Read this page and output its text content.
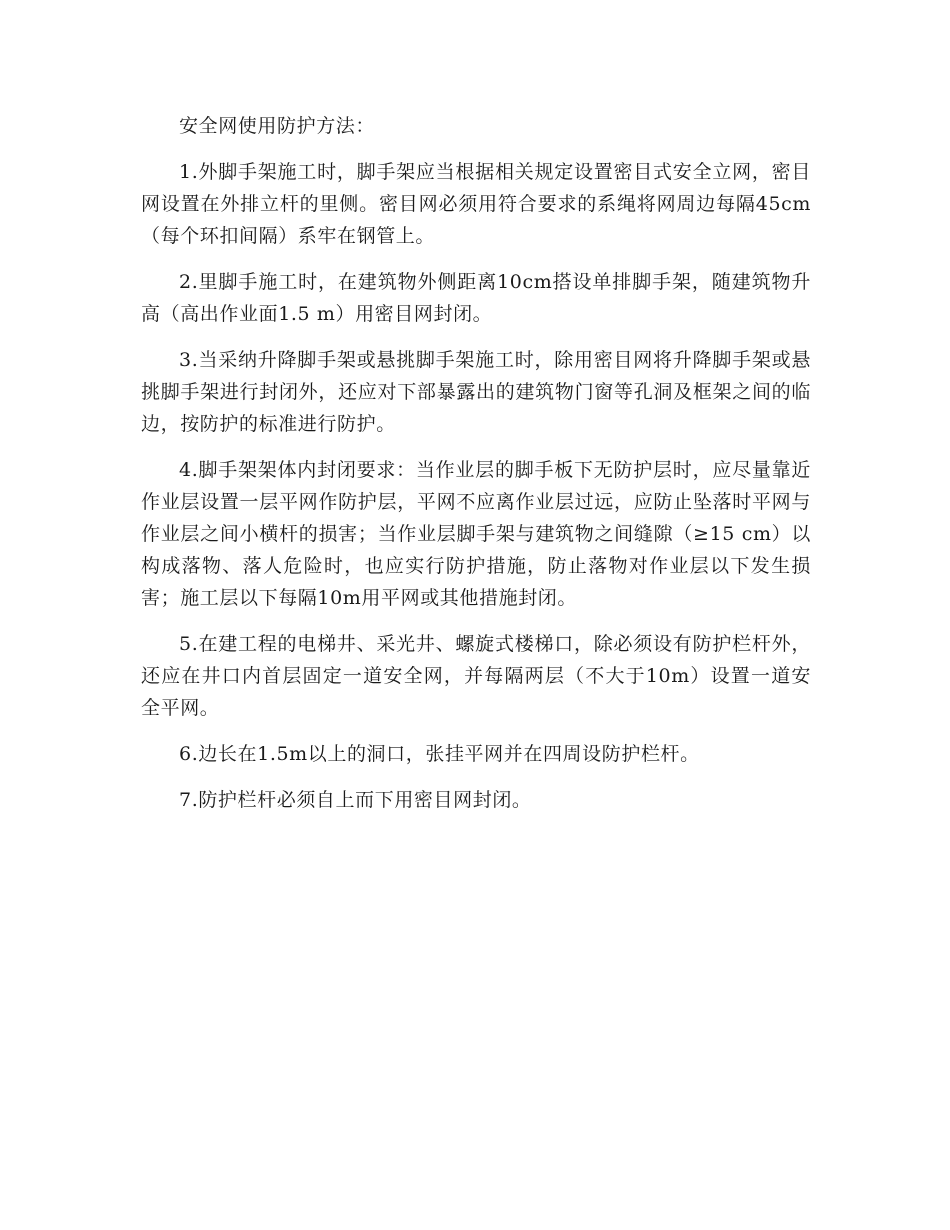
安全网使用防护方法：

1.外脚手架施工时，脚手架应当根据相关规定设置密目式安全立网，密目网设置在外排立杆的里侧。密目网必须用符合要求的系绳将网周边每隔45cm（每个环扣间隔）系牢在钢管上。

2.里脚手施工时，在建筑物外侧距离10cm搭设单排脚手架，随建筑物升高（高出作业面1.5 m）用密目网封闭。

3.当采纳升降脚手架或悬挑脚手架施工时，除用密目网将升降脚手架或悬挑脚手架进行封闭外，还应对下部暴露出的建筑物门窗等孔洞及框架之间的临边，按防护的标准进行防护。

4.脚手架架体内封闭要求：当作业层的脚手板下无防护层时，应尽量靠近作业层设置一层平网作防护层，平网不应离作业层过远，应防止坠落时平网与作业层之间小横杆的损害；当作业层脚手架与建筑物之间缝隙（≥15 cm）以构成落物、落人危险时，也应实行防护措施，防止落物对作业层以下发生损害；施工层以下每隔10m用平网或其他措施封闭。

5.在建工程的电梯井、采光井、螺旋式楼梯口，除必须设有防护栏杆外，还应在井口内首层固定一道安全网，并每隔两层（不大于10m）设置一道安全平网。

6.边长在1.5m以上的洞口，张挂平网并在四周设防护栏杆。

7.防护栏杆必须自上而下用密目网封闭。
